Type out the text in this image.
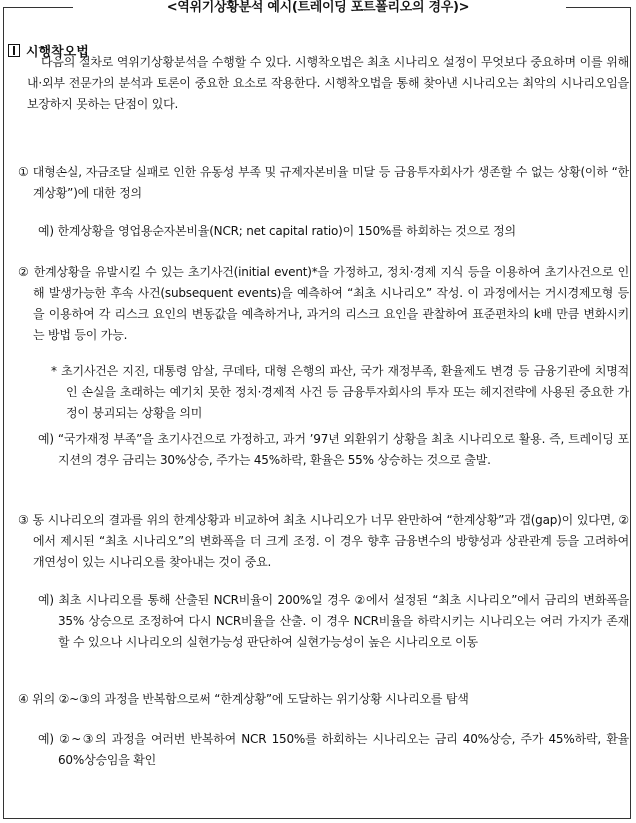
<역위기상황분석 예시(트레이딩 포트폴리오의 경우)>
시행착오법

다음의 절차로 역위기상황분석을 수행할 수 있다. 시행착오법은 최초 시나리오 설정이 무엇보다 중요하며 이를 위해 내·외부 전문가의 분석과 토론이 중요한 요소로 작용한다. 시행착오법을 통해 찾아낸 시나리오는 최악의 시나리오임을 보장하지 못하는 단점이 있다.

① 대형손실, 자금조달 실패로 인한 유동성 부족 및 규제자본비율 미달 등 금융투자회사가 생존할 수 없는 상황(이하 “한계상황”)에 대한 정의

예) 한계상황을 영업용순자본비율(NCR; net capital ratio)이 150%를 하회하는 것으로 정의

② 한계상황을 유발시킬 수 있는 초기사건(initial event)*을 가정하고, 정치·경제 지식 등을 이용하여 초기사건으로 인해 발생가능한 후속 사건(subsequent events)을 예측하여 “최초 시나리오” 작성. 이 과정에서는 거시경제모형 등을 이용하여 각 리스크 요인의 변동값을 예측하거나, 과거의 리스크 요인을 관찰하여 표준편차의 k배 만큼 변화시키는 방법 등이 가능.

* 초기사건은 지진, 대통령 암살, 쿠데타, 대형 은행의 파산, 국가 재정부족, 환율제도 변경 등 금융기관에 치명적인 손실을 초래하는 예기치 못한 정치·경제적 사건 등 금융투자회사의 투자 또는 헤지전략에 사용된 중요한 가정이 붕괴되는 상황을 의미

예) “국가재정 부족”을 초기사건으로 가정하고, 과거 ’97년 외환위기 상황을 최초 시나리오로 활용. 즉, 트레이딩 포지션의 경우 금리는 30%상승, 주가는 45%하락, 환율은 55% 상승하는 것으로 출발.

③ 동 시나리오의 결과를 위의 한계상황과 비교하여 최초 시나리오가 너무 완만하여 “한계상황”과 갭(gap)이 있다면, ②에서 제시된 “최초 시나리오”의 변화폭을 더 크게 조정. 이 경우 향후 금융변수의 방향성과 상관관계 등을 고려하여 개연성이 있는 시나리오를 찾아내는 것이 중요.

예) 최초 시나리오를 통해 산출된 NCR비율이 200%일 경우 ②에서 설정된 “최초 시나리오”에서 금리의 변화폭을 35% 상승으로 조정하여 다시 NCR비율을 산출. 이 경우 NCR비율을 하락시키는 시나리오는 여러 가지가 존재할 수 있으나 시나리오의 실현가능성 판단하여 실현가능성이 높은 시나리오로 이동

④ 위의 ②~③의 과정을 반복함으로써 “한계상황”에 도달하는 위기상황 시나리오를 탐색

예) ②~③의 과정을 여러번 반복하여 NCR 150%를 하회하는 시나리오는 금리 40%상승, 주가 45%하락, 환율 60%상승임을 확인
